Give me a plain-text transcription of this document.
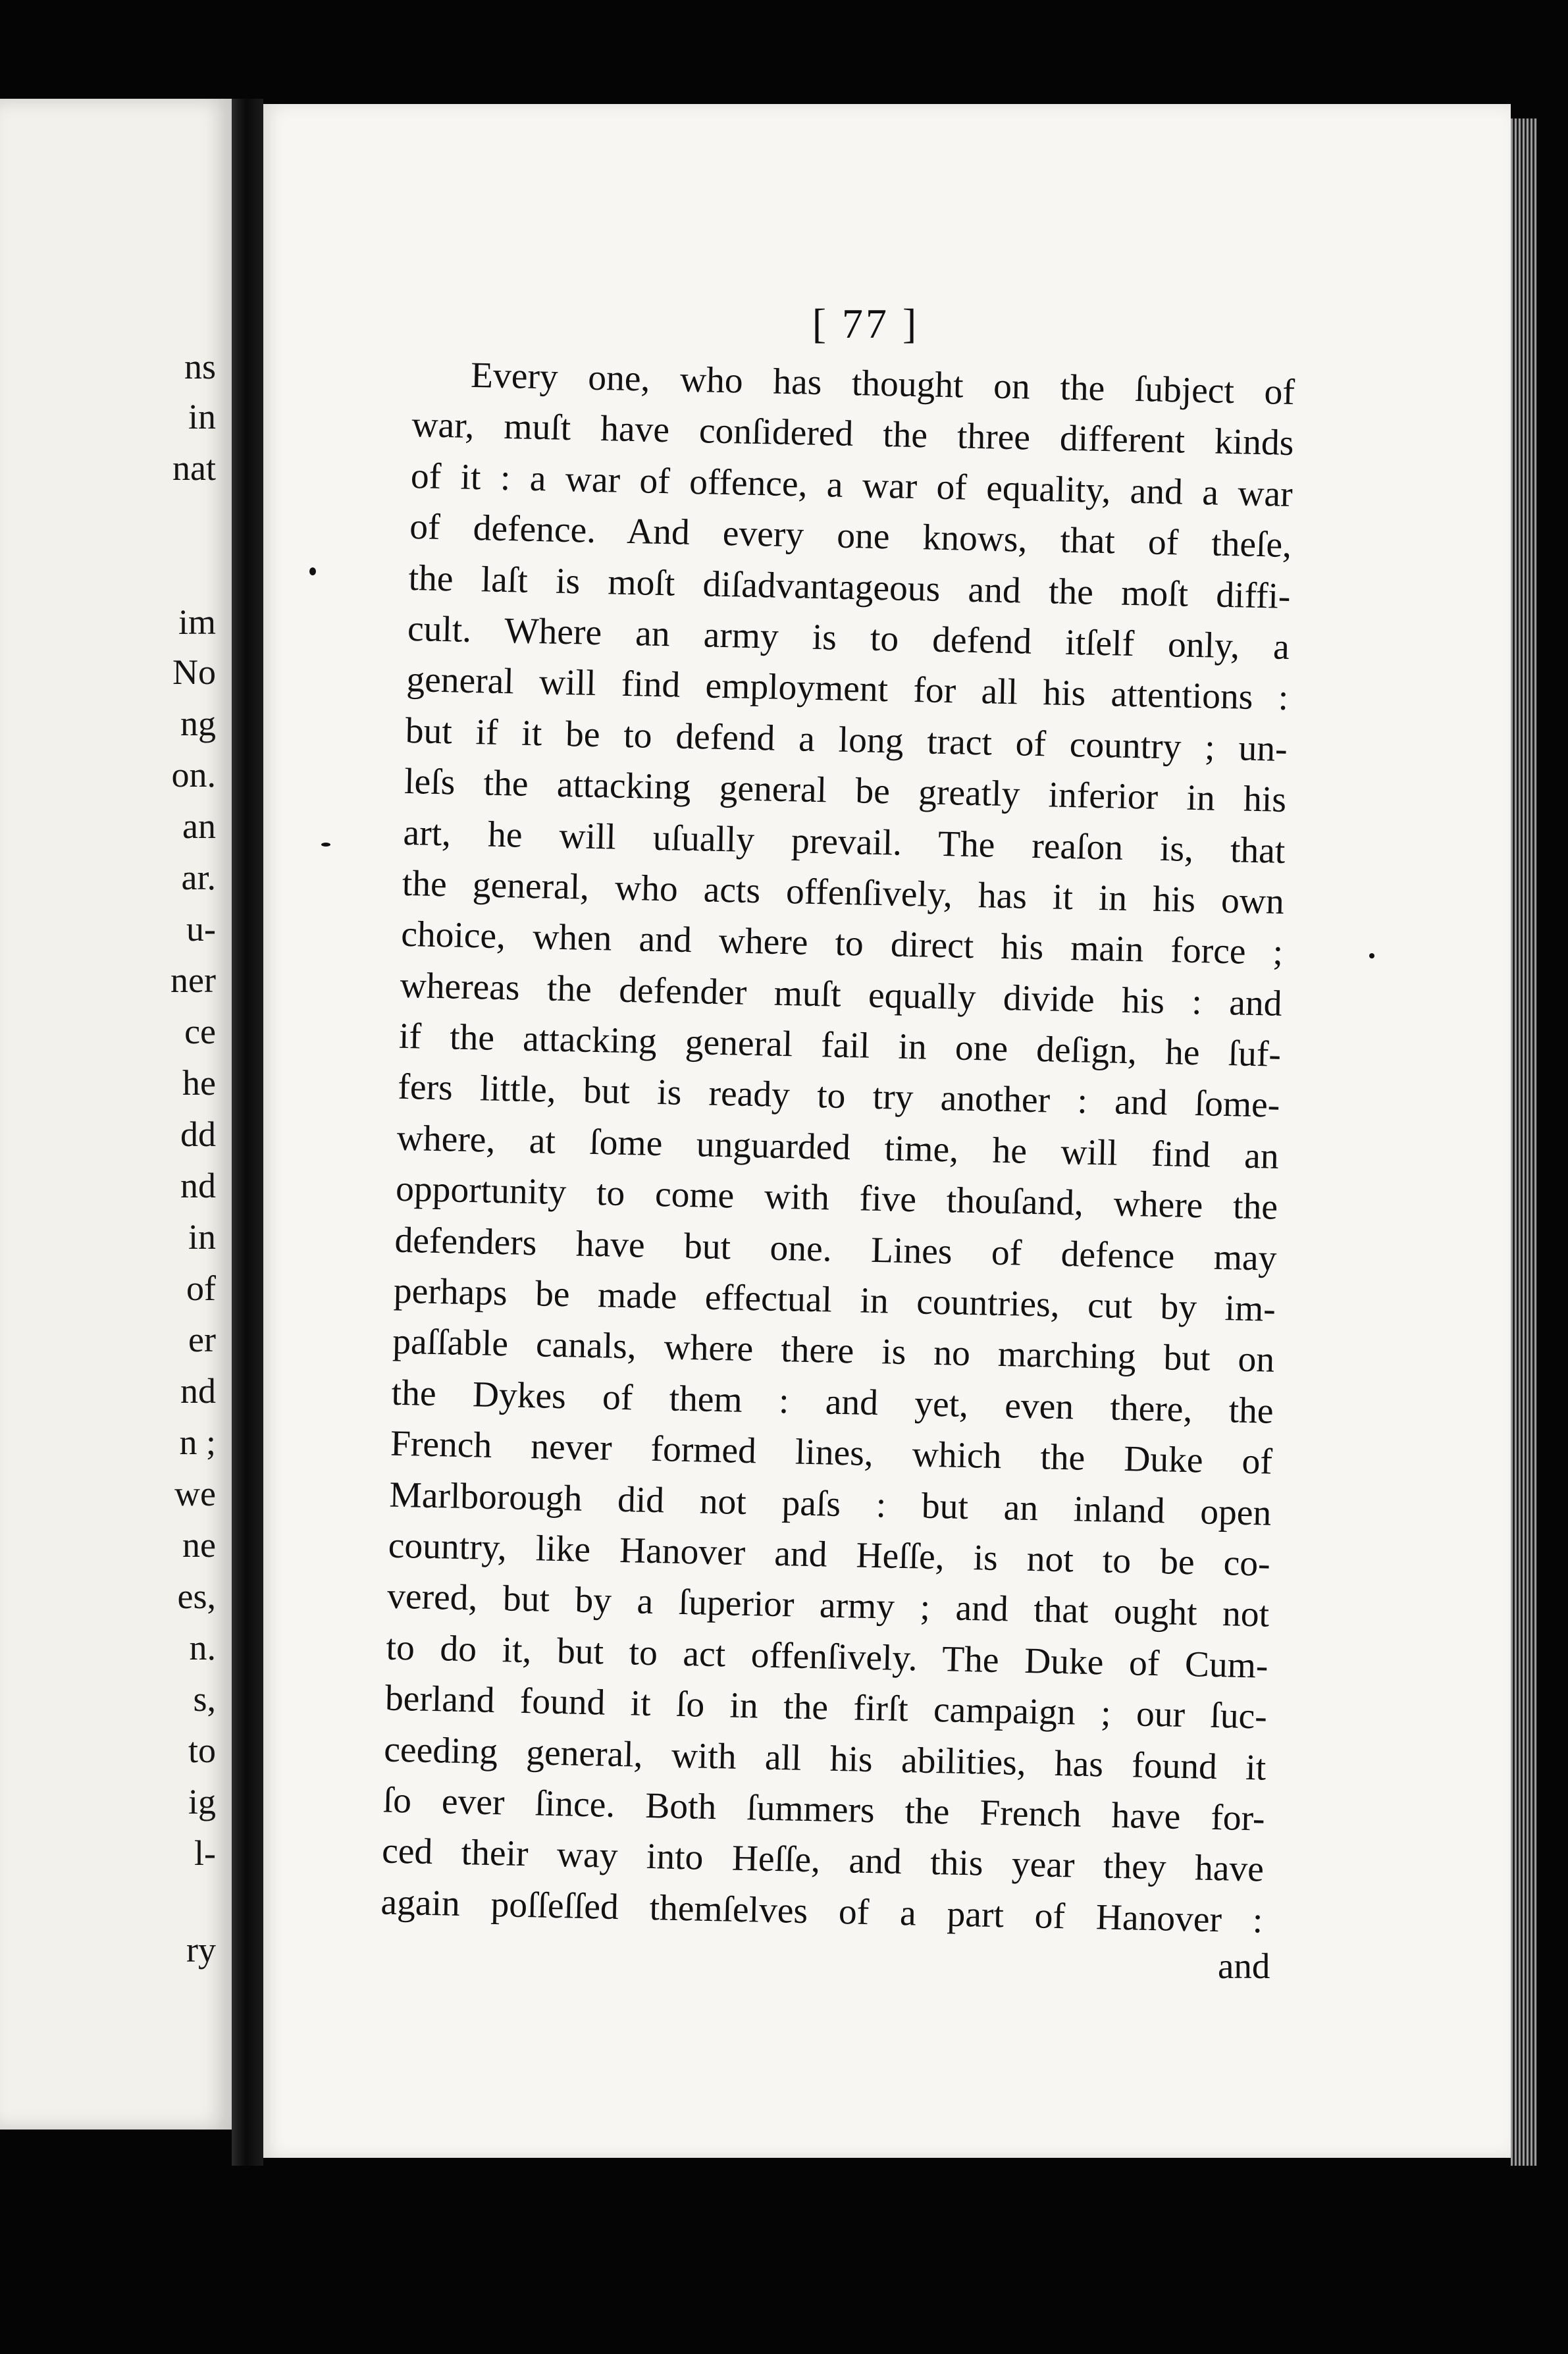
ns
in
nat
im
No
ng
on.
an
ar.
u-
ner
ce
he
dd
nd
in
of
er
nd
n ;
we
ne
es,
n.
s,
to
ig
l-
ry
[ 77 ]
Every one, who has thought on the ſubject of
war, muſt have conſidered the three different kinds
of it : a war of offence, a war of equality, and a war
of defence. And every one knows, that of theſe,
the laſt is moſt diſadvantageous and the moſt diffi-
cult. Where an army is to defend itſelf only, a
general will find employment for all his attentions :
but if it be to defend a long tract of country ; un-
leſs the attacking general be greatly inferior in his
art, he will uſually prevail. The reaſon is, that
the general, who acts offenſively, has it in his own
choice, when and where to direct his main force ;
whereas the defender muſt equally divide his : and
if the attacking general fail in one deſign, he ſuf-
fers little, but is ready to try another : and ſome-
where, at ſome unguarded time, he will find an
opportunity to come with five thouſand, where the
defenders have but one. Lines of defence may
perhaps be made effectual in countries, cut by im-
paſſable canals, where there is no marching but on
the Dykes of them : and yet, even there, the
French never formed lines, which the Duke of
Marlborough did not paſs : but an inland open
country, like Hanover and Heſſe, is not to be co-
vered, but by a ſuperior army ; and that ought not
to do it, but to act offenſively. The Duke of Cum-
berland found it ſo in the firſt campaign ; our ſuc-
ceeding general, with all his abilities, has found it
ſo ever ſince. Both ſummers the French have for-
ced their way into Heſſe, and this year they have
again poſſeſſed themſelves of a part of Hanover :
and
